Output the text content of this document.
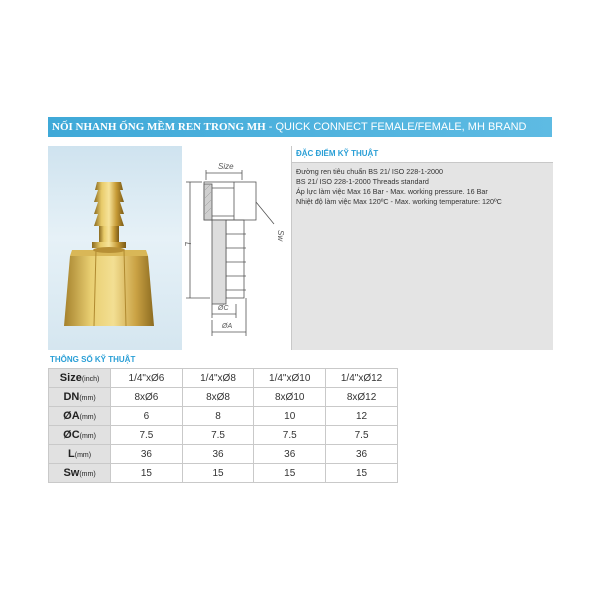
NỐI NHANH ỐNG MỀM REN TRONG MH - QUICK CONNECT FEMALE/FEMALE, MH BRAND
Size
Sw
L
ØC
ØA
ĐẶC ĐIỂM KỸ THUẬT
Đường ren tiêu chuẩn BS 21/ ISO 228-1-2000
BS 21/ ISO 228-1-2000 Threads standard
Áp lực làm việc Max 16 Bar - Max. working pressure. 16 Bar
Nhiệt độ làm việc Max 120ºC - Max. working temperature: 120ºC
THÔNG SỐ KỸ THUẬT
Size(inch)	1/4"xØ6	1/4"xØ8	1/4"xØ10	1/4"xØ12
DN(mm)	8xØ6	8xØ8	8xØ10	8xØ12
ØA(mm)	6	8	10	12
ØC(mm)	7.5	7.5	7.5	7.5
L(mm)	36	36	36	36
Sw(mm)	15	15	15	15
